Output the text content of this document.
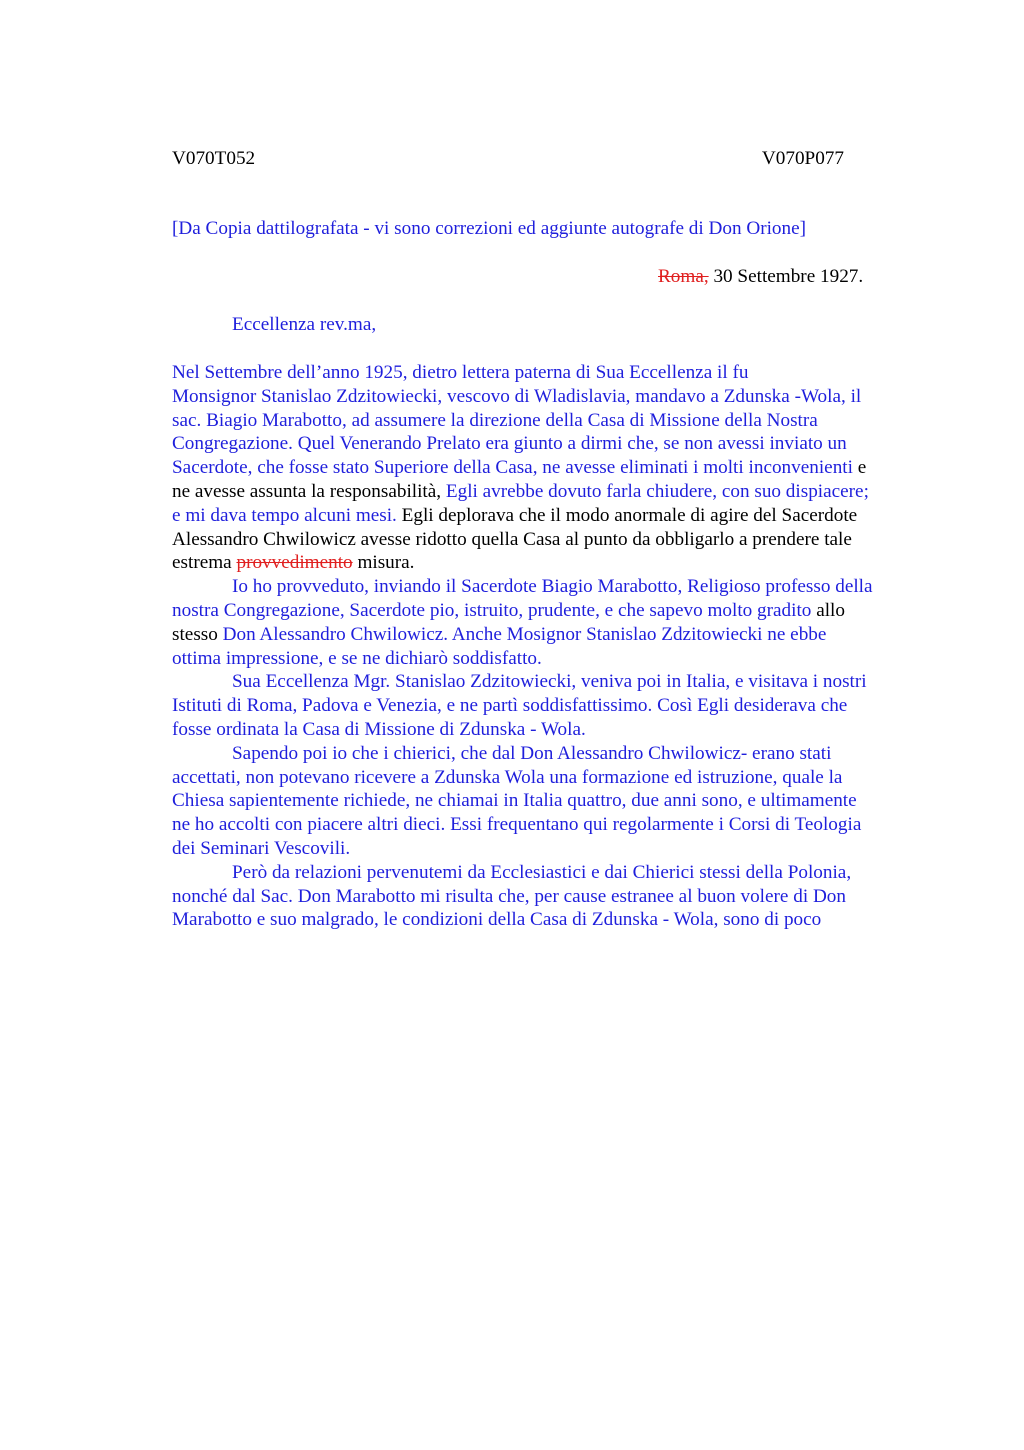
V070T052	V070P077
[Da Copia dattilografata - vi sono correzioni ed aggiunte autografe di Don Orione]
Roma, 30 Settembre 1927.
Eccellenza rev.ma,
Nel Settembre dell’anno 1925, dietro lettera paterna di Sua Eccellenza il fu
Monsignor Stanislao Zdzitowiecki, vescovo di Wladislavia, mandavo a Zdunska -Wola, il
sac. Biagio Marabotto, ad assumere la direzione della Casa di Missione della Nostra
Congregazione. Quel Venerando Prelato era giunto a dirmi che, se non avessi inviato un
Sacerdote, che fosse stato Superiore della Casa, ne avesse eliminati i molti inconvenienti e
ne avesse assunta la responsabilità, Egli avrebbe dovuto farla chiudere, con suo dispiacere;
e mi dava tempo alcuni mesi. Egli deplorava che il modo anormale di agire del Sacerdote
Alessandro Chwilowicz avesse ridotto quella Casa al punto da obbligarlo a prendere tale
estrema provvedimento misura.
Io ho provveduto, inviando il Sacerdote Biagio Marabotto, Religioso professo della
nostra Congregazione, Sacerdote pio, istruito, prudente, e che sapevo molto gradito allo
stesso Don Alessandro Chwilowicz. Anche Mosignor Stanislao Zdzitowiecki ne ebbe
ottima impressione, e se ne dichiarò soddisfatto.
Sua Eccellenza Mgr. Stanislao Zdzitowiecki, veniva poi in Italia, e visitava i nostri
Istituti di Roma, Padova e Venezia, e ne partì soddisfattissimo. Così Egli desiderava che
fosse ordinata la Casa di Missione di Zdunska - Wola.
Sapendo poi io che i chierici, che dal Don Alessandro Chwilowicz- erano stati
accettati, non potevano ricevere a Zdunska Wola una formazione ed istruzione, quale la
Chiesa sapientemente richiede, ne chiamai in Italia quattro, due anni sono, e ultimamente
ne ho accolti con piacere altri dieci. Essi frequentano qui regolarmente i Corsi di Teologia
dei Seminari Vescovili.
Però da relazioni pervenutemi da Ecclesiastici e dai Chierici stessi della Polonia,
nonché dal Sac. Don Marabotto mi risulta che, per cause estranee al buon volere di Don
Marabotto e suo malgrado, le condizioni della Casa di Zdunska - Wola, sono di poco
